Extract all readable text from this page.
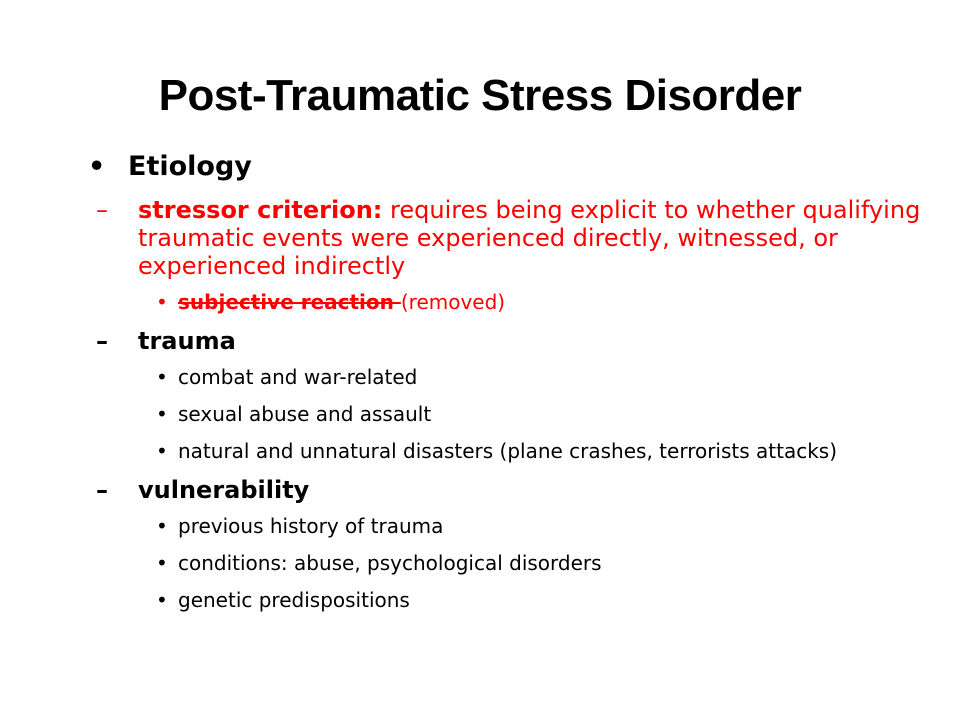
Post-Traumatic Stress Disorder
• Etiology
– stressor criterion: requires being explicit to whether qualifying traumatic events were experienced directly, witnessed, or experienced indirectly
• subjective reaction (removed)
– trauma
• combat and war-related
• sexual abuse and assault
• natural and unnatural disasters (plane crashes, terrorists attacks)
– vulnerability
• previous history of trauma
• conditions: abuse, psychological disorders
• genetic predispositions
